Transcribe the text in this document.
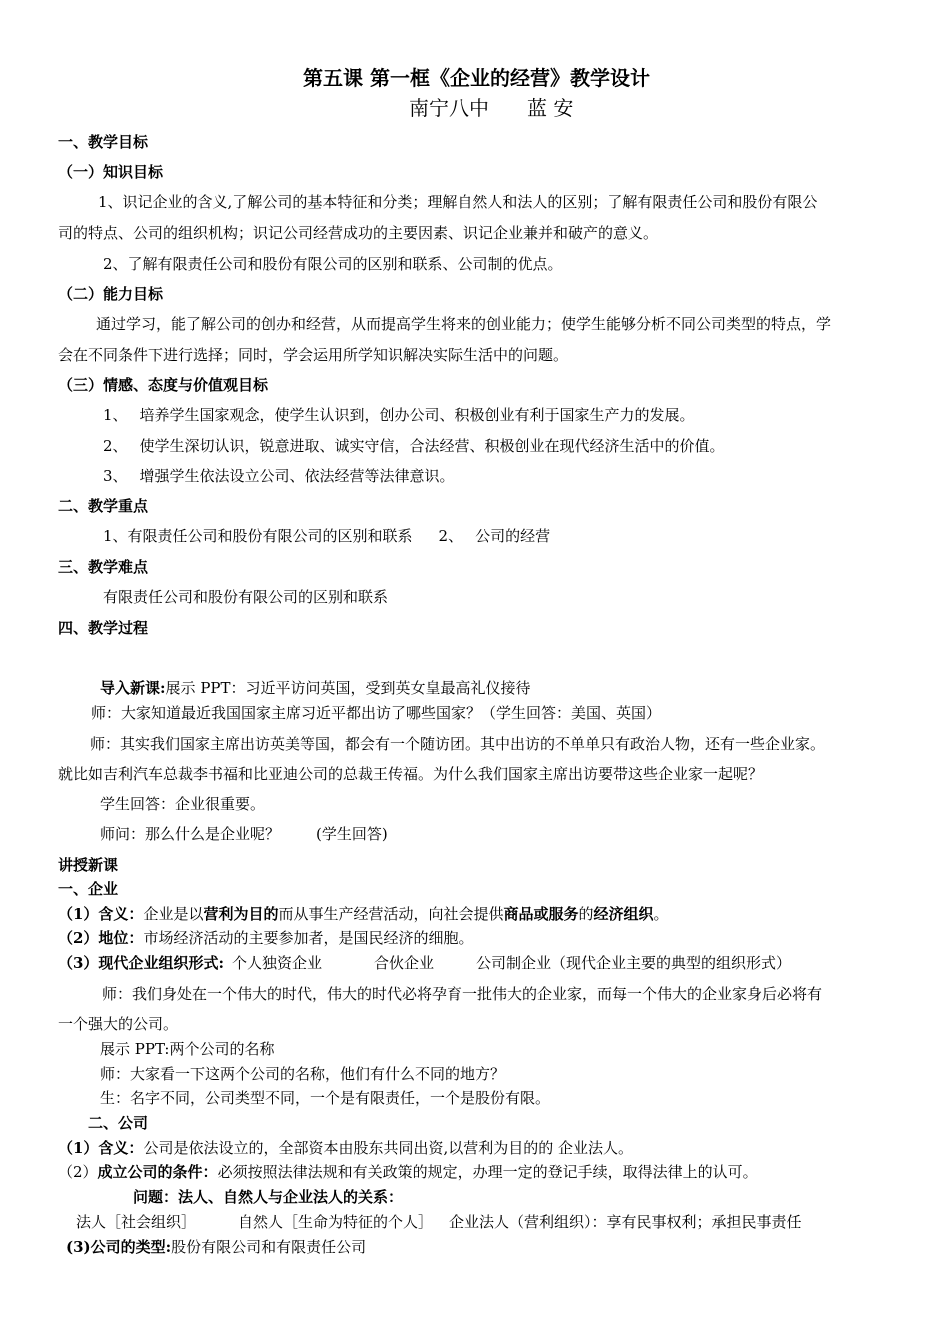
第五课 第一框《企业的经营》教学设计
南宁八中 蓝 安
一、教学目标
（一）知识目标
1、识记企业的含义,了解公司的基本特征和分类；理解自然人和法人的区别；了解有限责任公司和股份有限公
司的特点、公司的组织机构；识记公司经营成功的主要因素、识记企业兼并和破产的意义。
2、了解有限责任公司和股份有限公司的区别和联系、公司制的优点。
（二）能力目标
通过学习，能了解公司的创办和经营，从而提高学生将来的创业能力；使学生能够分析不同公司类型的特点，学
会在不同条件下进行选择；同时，学会运用所学知识解决实际生活中的问题。
（三）情感、态度与价值观目标
1、 培养学生国家观念，使学生认识到，创办公司、积极创业有利于国家生产力的发展。
2、 使学生深切认识，锐意进取、诚实守信，合法经营、积极创业在现代经济生活中的价值。
3、 增强学生依法设立公司、依法经营等法律意识。
二、教学重点
1、有限责任公司和股份有限公司的区别和联系 2、 公司的经营
三、教学难点
有限责任公司和股份有限公司的区别和联系
四、教学过程
导入新课:展示 PPT：习近平访问英国，受到英女皇最高礼仪接待
师：大家知道最近我国国家主席习近平都出访了哪些国家？（学生回答：美国、英国）
师：其实我们国家主席出访英美等国，都会有一个随访团。其中出访的不单单只有政治人物，还有一些企业家。
就比如吉利汽车总裁李书福和比亚迪公司的总裁王传福。为什么我们国家主席出访要带这些企业家一起呢？
学生回答：企业很重要。
师问：那么什么是企业呢？ (学生回答)
讲授新课
一、企业
（1）含义：企业是以营利为目的而从事生产经营活动，向社会提供商品或服务的经济组织。
（2）地位：市场经济活动的主要参加者，是国民经济的细胞。
（3）现代企业组织形式: 个人独资企业	合伙企业	公司制企业（现代企业主要的典型的组织形式）
师：我们身处在一个伟大的时代，伟大的时代必将孕育一批伟大的企业家，而每一个伟大的企业家身后必将有
一个强大的公司。
展示 PPT:两个公司的名称
师：大家看一下这两个公司的名称，他们有什么不同的地方？
生：名字不同，公司类型不同，一个是有限责任，一个是股份有限。
二、公司
（1）含义：公司是依法设立的，全部资本由股东共同出资,以营利为目的的 企业法人。
（2）成立公司的条件：必须按照法律法规和有关政策的规定，办理一定的登记手续，取得法律上的认可。
问题：法人、自然人与企业法人的关系：
法人［社会组织］	自然人［生命为特征的个人］ 企业法人（营利组织）：享有民事权利；承担民事责任
(3)公司的类型:股份有限公司和有限责任公司
